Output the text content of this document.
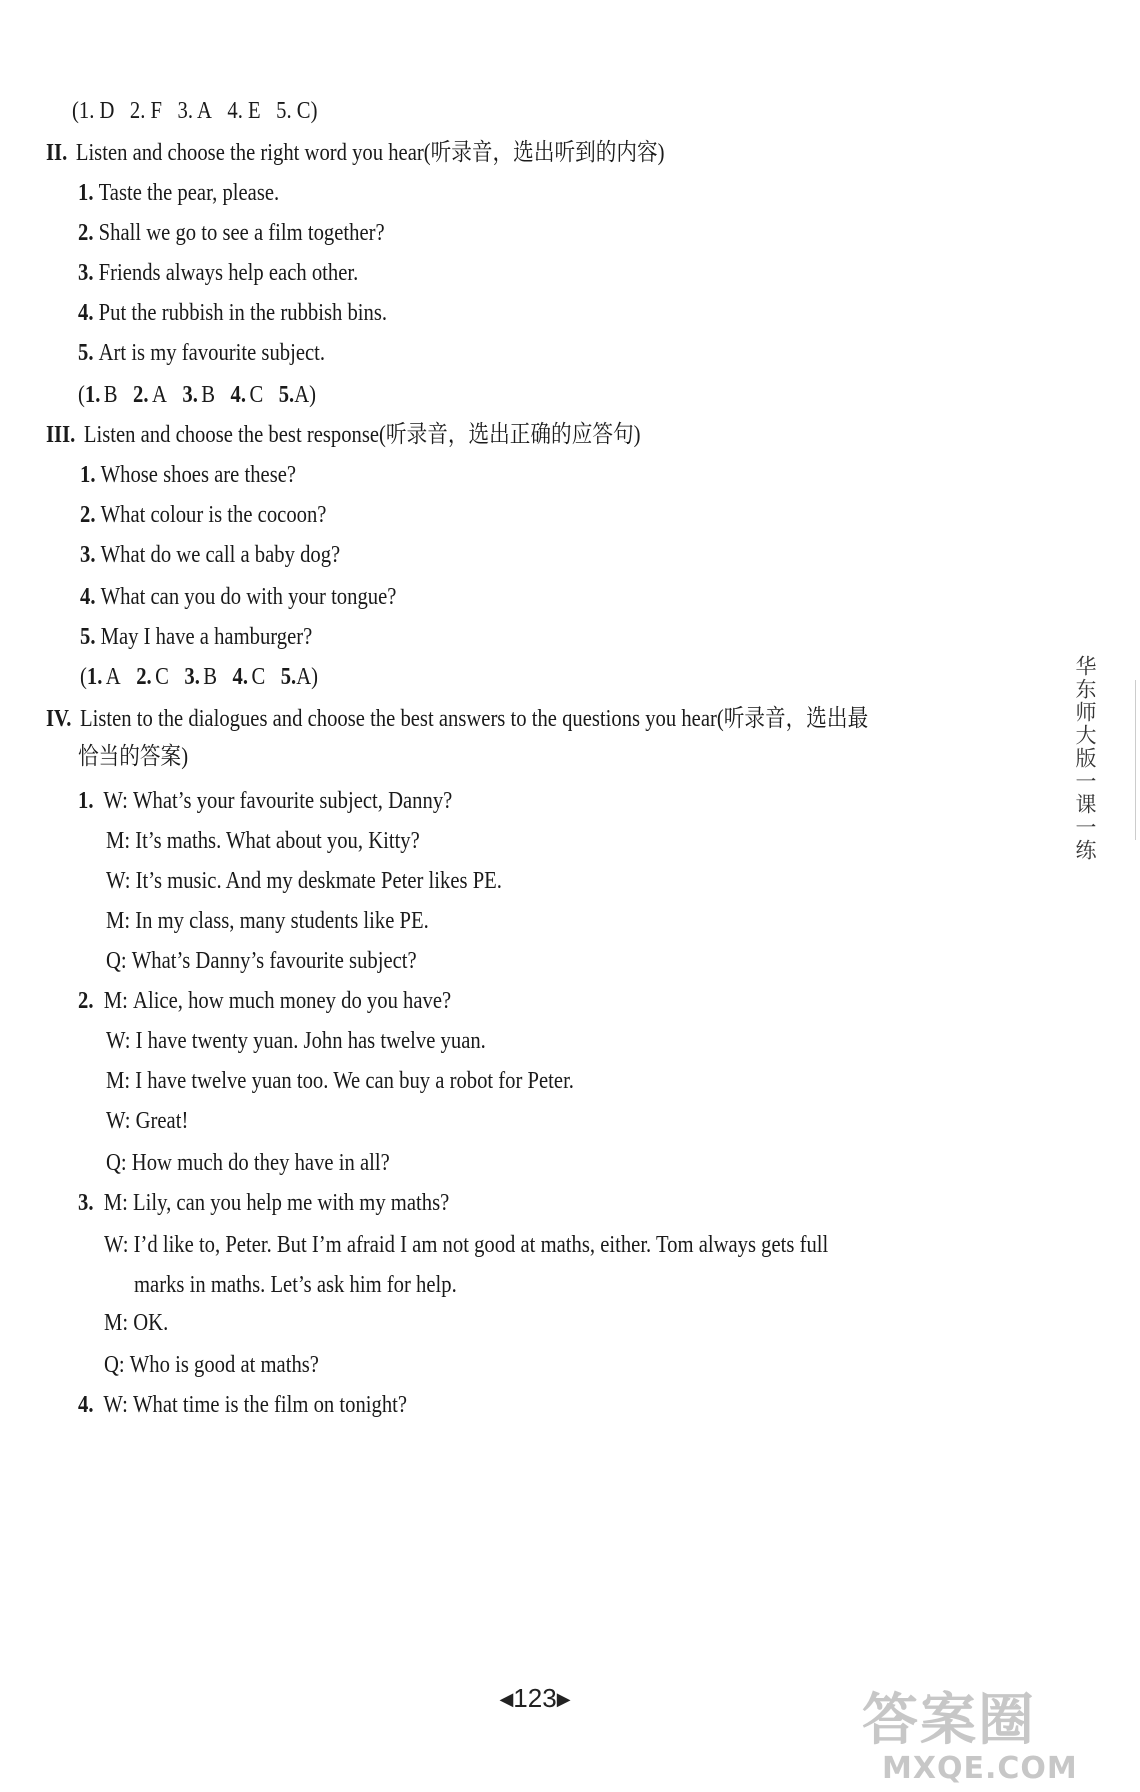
(1. D 2. F 3. A 4. E 5. C)
II. Listen and choose the right word you hear(听录音，选出听到的内容)
1. Taste the pear, please.
2. Shall we go to see a film together?
3. Friends always help each other.
4. Put the rubbish in the rubbish bins.
5. Art is my favourite subject.
(1. B 2. A 3. B 4. C 5.A)
III. Listen and choose the best response(听录音，选出正确的应答句)
1. Whose shoes are these?
2. What colour is the cocoon?
3. What do we call a baby dog?
4. What can you do with your tongue?
5. May I have a hamburger?
(1. A 2. C 3. B 4. C 5.A)
IV. Listen to the dialogues and choose the best answers to the questions you hear(听录音，选出最
恰当的答案)
1. W: What’s your favourite subject, Danny?
M: It’s maths. What about you, Kitty?
W: It’s music. And my deskmate Peter likes PE.
M: In my class, many students like PE.
Q: What’s Danny’s favourite subject?
2. M: Alice, how much money do you have?
W: I have twenty yuan. John has twelve yuan.
M: I have twelve yuan too. We can buy a robot for Peter.
W: Great!
Q: How much do they have in all?
3. M: Lily, can you help me with my maths?
W: I’d like to, Peter. But I’m afraid I am not good at maths, either. Tom always gets full
marks in maths. Let’s ask him for help.
M: OK.
Q: Who is good at maths?
4. W: What time is the film on tonight?
华东师大版一课一练
◀123▶	答案圈
MXQE.COM
